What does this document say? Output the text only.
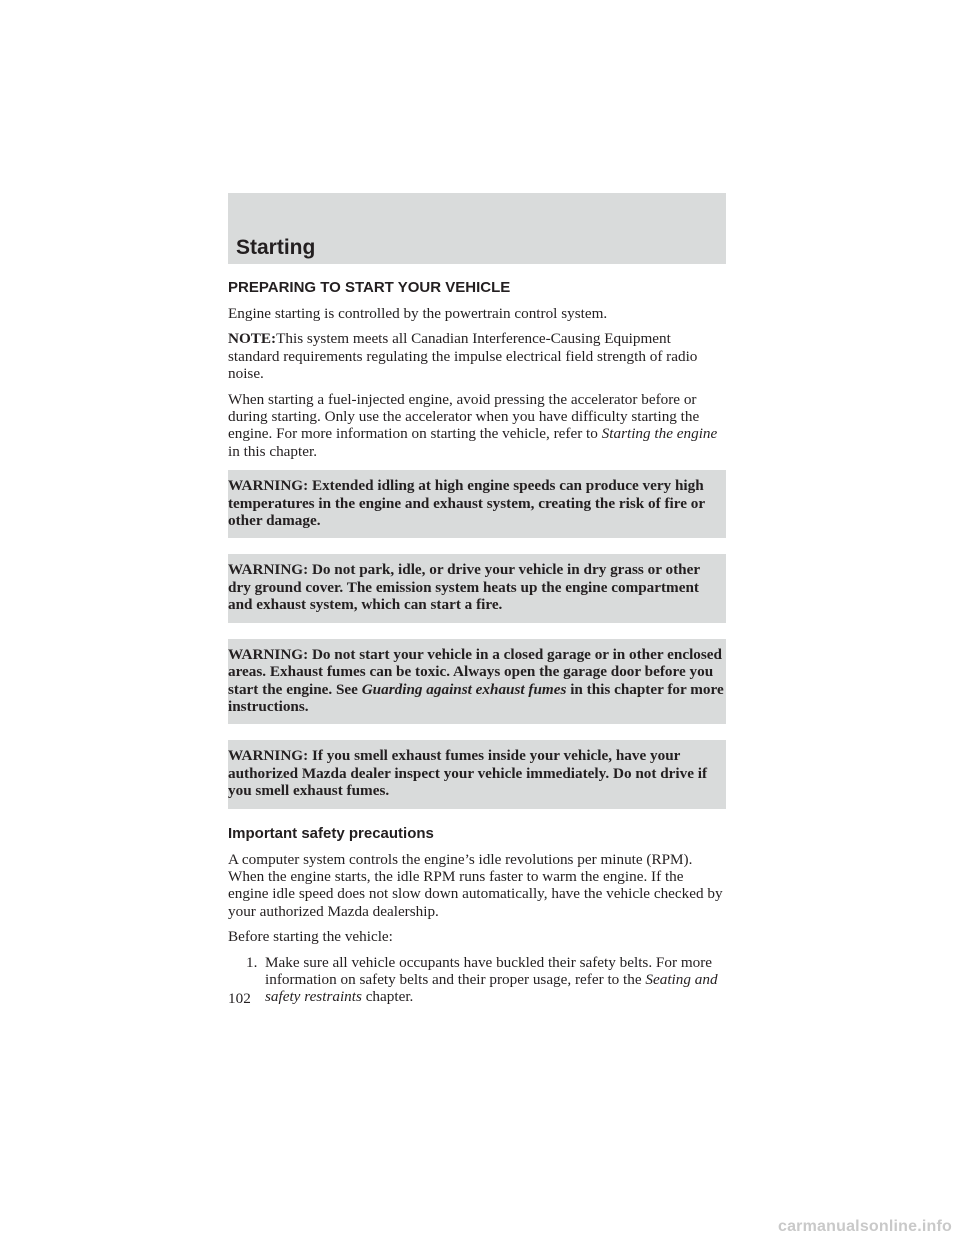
Starting
PREPARING TO START YOUR VEHICLE

Engine starting is controlled by the powertrain control system.

NOTE:This system meets all Canadian Interference-Causing Equipment standard requirements regulating the impulse electrical field strength of radio noise.

When starting a fuel-injected engine, avoid pressing the accelerator before or during starting. Only use the accelerator when you have difficulty starting the engine. For more information on starting the vehicle, refer to Starting the engine in this chapter.

WARNING: Extended idling at high engine speeds can produce very high temperatures in the engine and exhaust system, creating the risk of fire or other damage.
WARNING: Do not park, idle, or drive your vehicle in dry grass or other dry ground cover. The emission system heats up the engine compartment and exhaust system, which can start a fire.
WARNING: Do not start your vehicle in a closed garage or in other enclosed areas. Exhaust fumes can be toxic. Always open the garage door before you start the engine. See Guarding against exhaust fumes in this chapter for more instructions.
WARNING: If you smell exhaust fumes inside your vehicle, have your authorized Mazda dealer inspect your vehicle immediately. Do not drive if you smell exhaust fumes.
Important safety precautions

A computer system controls the engine’s idle revolutions per minute (RPM). When the engine starts, the idle RPM runs faster to warm the engine. If the engine idle speed does not slow down automatically, have the vehicle checked by your authorized Mazda dealership.

Before starting the vehicle:

1. Make sure all vehicle occupants have buckled their safety belts. For more information on safety belts and their proper usage, refer to the Seating and safety restraints chapter.
102
carmanualsonline.info
